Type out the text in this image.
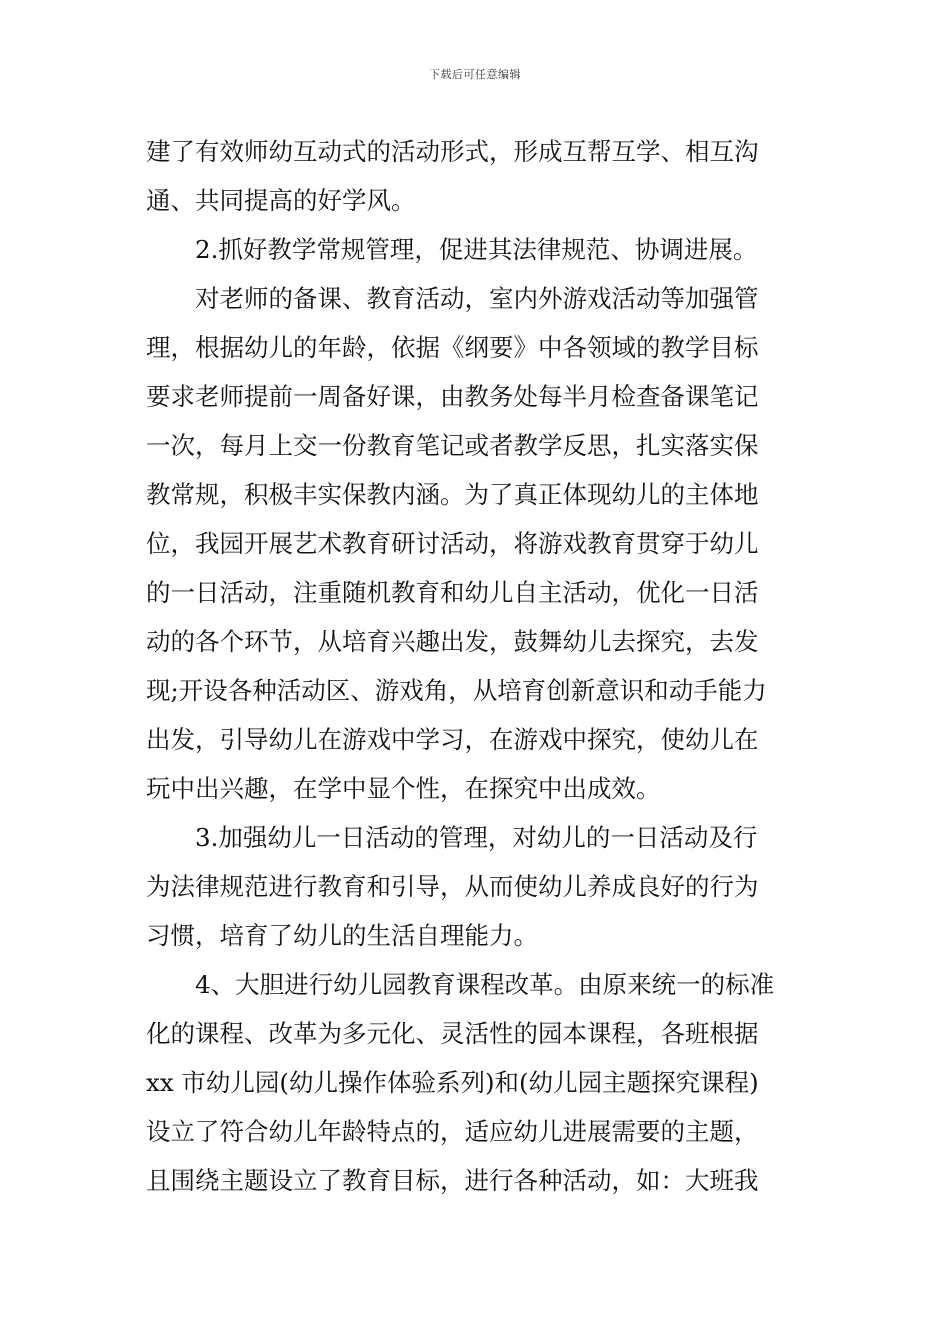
下载后可任意编辑
建了有效师幼互动式的活动形式，形成互帮互学、相互沟
通、共同提高的好学风。
2.抓好教学常规管理，促进其法律规范、协调进展。
对老师的备课、教育活动，室内外游戏活动等加强管
理，根据幼儿的年龄，依据《纲要》中各领域的教学目标
要求老师提前一周备好课，由教务处每半月检查备课笔记
一次，每月上交一份教育笔记或者教学反思，扎实落实保
教常规，积极丰实保教内涵。为了真正体现幼儿的主体地
位，我园开展艺术教育研讨活动，将游戏教育贯穿于幼儿
的一日活动，注重随机教育和幼儿自主活动，优化一日活
动的各个环节，从培育兴趣出发，鼓舞幼儿去探究，去发
现;开设各种活动区、游戏角，从培育创新意识和动手能力
出发，引导幼儿在游戏中学习，在游戏中探究，使幼儿在
玩中出兴趣，在学中显个性，在探究中出成效。
3.加强幼儿一日活动的管理，对幼儿的一日活动及行
为法律规范进行教育和引导，从而使幼儿养成良好的行为
习惯，培育了幼儿的生活自理能力。
4、大胆进行幼儿园教育课程改革。由原来统一的标准
化的课程、改革为多元化、灵活性的园本课程，各班根据
xx 市幼儿园(幼儿操作体验系列)和(幼儿园主题探究课程)
设立了符合幼儿年龄特点的，适应幼儿进展需要的主题，
且围绕主题设立了教育目标，进行各种活动，如：大班我
